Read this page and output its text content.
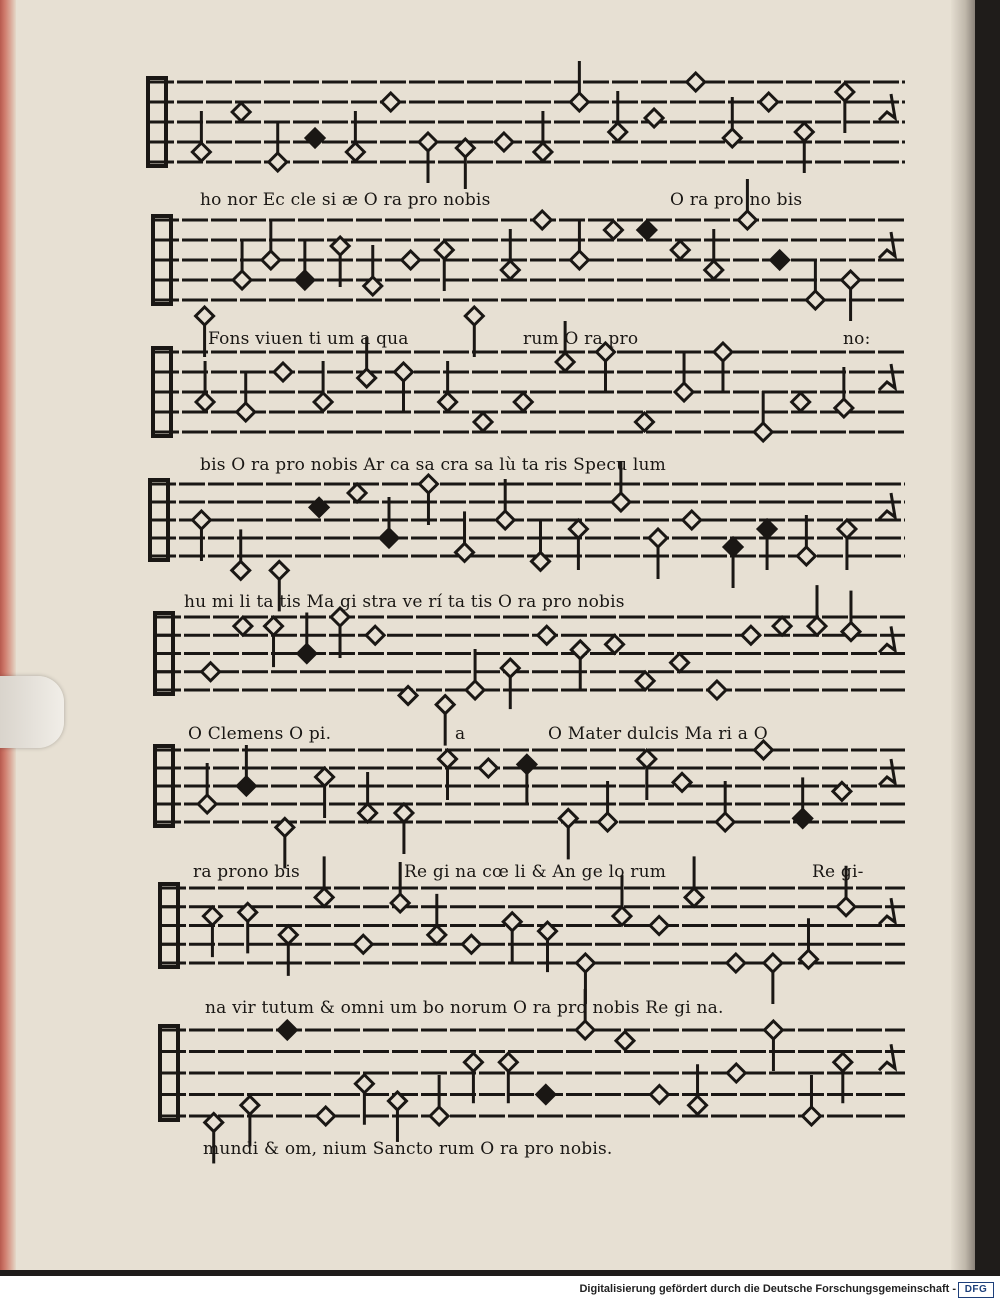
ho nor Ec cle si æ O ra pro nobis

	O ra pro no bis

Fons viuen ti um a qua

	rum O ra pro

	no:

bis O ra pro nobis Ar ca sa cra sa lù ta ris Specu lum

hu mi li ta tis Ma gi stra ve rí ta tis O ra pro nobis

O Clemens O pi.

	a

	O Mater dulcis Ma ri a O

ra prono bis

	Re gi na cœ li & An ge lo rum

	Re gi-

na vir tutum & omni um bo norum O ra pro nobis Re gi na.

mundi & om, nium Sancto rum O ra pro nobis.

Digitalisierung gefördert durch die Deutsche Forschungsgemeinschaft - DFG
